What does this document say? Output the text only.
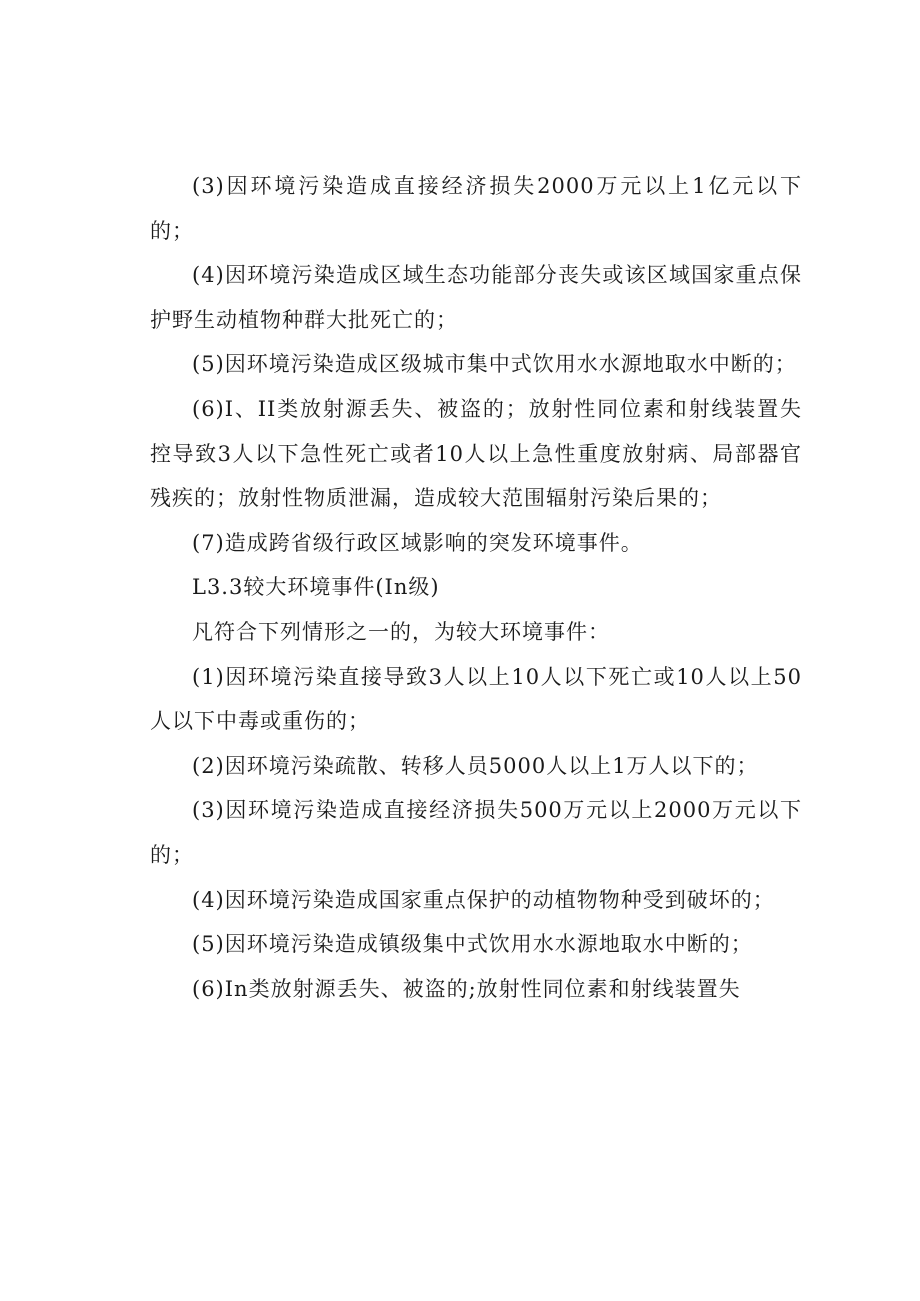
(3)因环境污染造成直接经济损失2000万元以上1亿元以下的；

(4)因环境污染造成区域生态功能部分丧失或该区域国家重点保护野生动植物种群大批死亡的；

(5)因环境污染造成区级城市集中式饮用水水源地取水中断的；

(6)I、II类放射源丢失、被盗的；放射性同位素和射线装置失控导致3人以下急性死亡或者10人以上急性重度放射病、局部器官残疾的；放射性物质泄漏，造成较大范围辐射污染后果的；

(7)造成跨省级行政区域影响的突发环境事件。

L3.3较大环境事件(In级)

凡符合下列情形之一的，为较大环境事件：

(1)因环境污染直接导致3人以上10人以下死亡或10人以上50人以下中毒或重伤的；

(2)因环境污染疏散、转移人员5000人以上1万人以下的；

(3)因环境污染造成直接经济损失500万元以上2000万元以下的；

(4)因环境污染造成国家重点保护的动植物物种受到破坏的；

(5)因环境污染造成镇级集中式饮用水水源地取水中断的；

(6)In类放射源丢失、被盗的;放射性同位素和射线装置失
